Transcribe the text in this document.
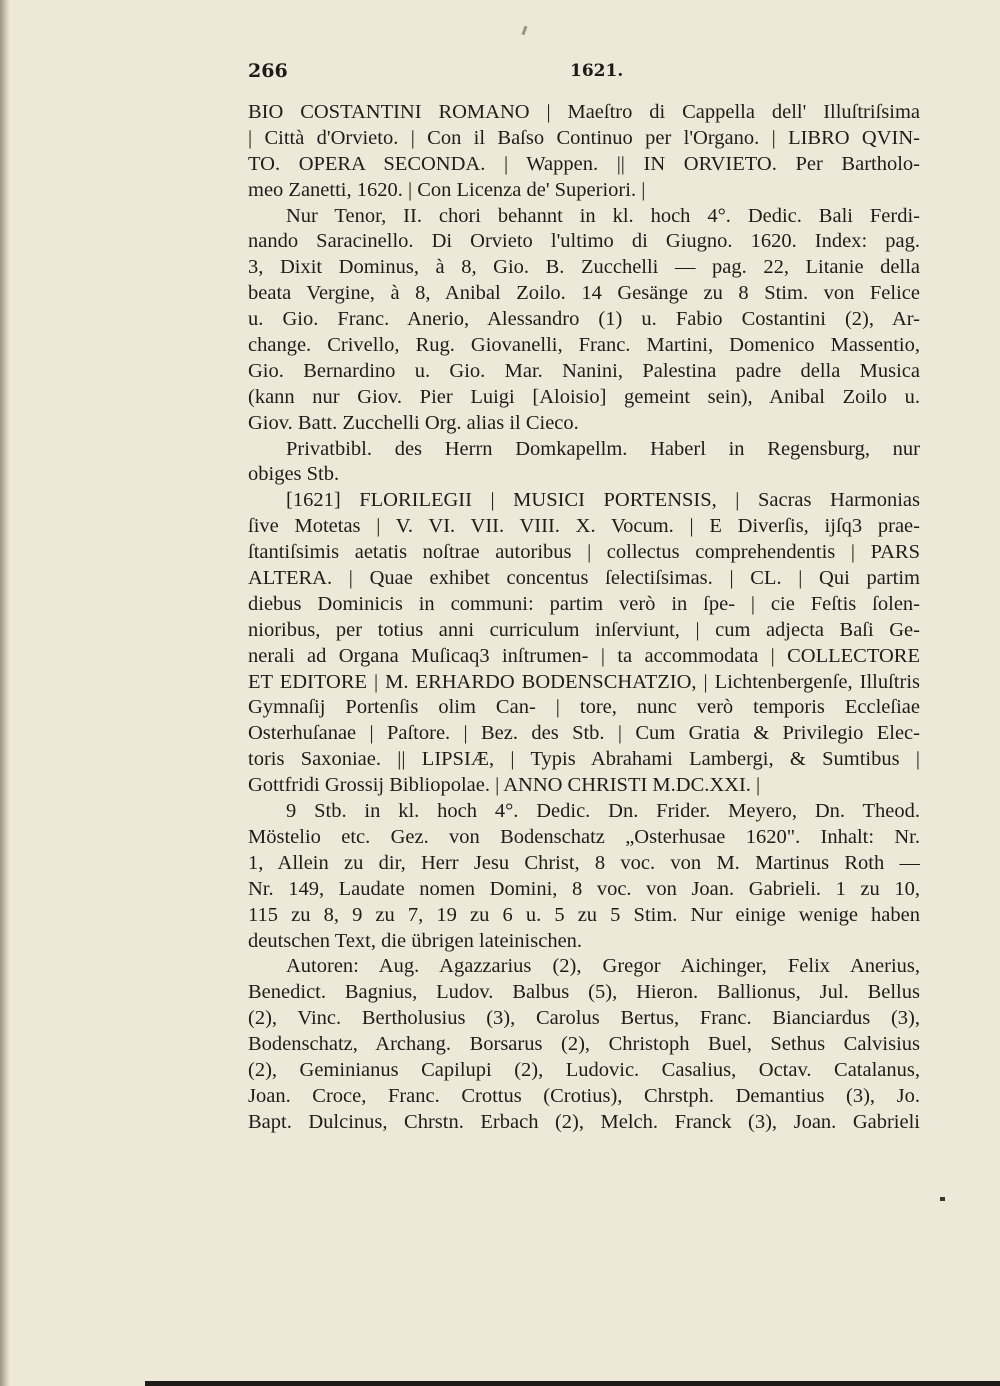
266	1621.
BIO COSTANTINI ROMANO | Maeſtro di Cappella dell' Illuſtriſsima
| Città d'Orvieto. | Con il Baſso Continuo per l'Organo. | LIBRO QVIN-
TO. OPERA SECONDA. | Wappen. || IN ORVIETO. Per Bartholo-
meo Zanetti, 1620. | Con Licenza de' Superiori. |
Nur Tenor, II. chori behannt in kl. hoch 4°. Dedic. Bali Ferdi-
nando Saracinello. Di Orvieto l'ultimo di Giugno. 1620. Index: pag.
3, Dixit Dominus, à 8, Gio. B. Zucchelli — pag. 22, Litanie della
beata Vergine, à 8, Anibal Zoilo. 14 Gesänge zu 8 Stim. von Felice
u. Gio. Franc. Anerio, Alessandro (1) u. Fabio Costantini (2), Ar-
change. Crivello, Rug. Giovanelli, Franc. Martini, Domenico Massentio,
Gio. Bernardino u. Gio. Mar. Nanini, Palestina padre della Musica
(kann nur Giov. Pier Luigi [Aloisio] gemeint sein), Anibal Zoilo u.
Giov. Batt. Zucchelli Org. alias il Cieco.
Privatbibl. des Herrn Domkapellm. Haberl in Regensburg, nur
obiges Stb.
[1621] FLORILEGII | MUSICI PORTENSIS, | Sacras Harmonias
ſive Motetas | V. VI. VII. VIII. X. Vocum. | E Diverſis, ijſq3 prae-
ſtantiſsimis aetatis noſtrae autoribus | collectus comprehendentis | PARS
ALTERA. | Quae exhibet concentus ſelectiſsimas. | CL. | Qui partim
diebus Dominicis in communi: partim verò in ſpe- | cie Feſtis ſolen-
nioribus, per totius anni curriculum inſerviunt, | cum adjecta Baſi Ge-
nerali ad Organa Muſicaq3 inſtrumen- | ta accommodata | COLLECTORE
ET EDITORE | M. ERHARDO BODENSCHATZIO, | Lichtenbergenſe, Illuſtris
Gymnaſij Portenſis olim Can- | tore, nunc verò temporis Eccleſiae
Osterhuſanae | Paſtore. | Bez. des Stb. | Cum Gratia & Privilegio Elec-
toris Saxoniae. || LIPSIÆ, | Typis Abrahami Lambergi, & Sumtibus |
Gottfridi Grossij Bibliopolae. | ANNO CHRISTI M.DC.XXI. |
9 Stb. in kl. hoch 4°. Dedic. Dn. Frider. Meyero, Dn. Theod.
Möstelio etc. Gez. von Bodenschatz „Osterhusae 1620". Inhalt: Nr.
1, Allein zu dir, Herr Jesu Christ, 8 voc. von M. Martinus Roth —
Nr. 149, Laudate nomen Domini, 8 voc. von Joan. Gabrieli. 1 zu 10,
115 zu 8, 9 zu 7, 19 zu 6 u. 5 zu 5 Stim. Nur einige wenige haben
deutschen Text, die übrigen lateinischen.
Autoren: Aug. Agazzarius (2), Gregor Aichinger, Felix Anerius,
Benedict. Bagnius, Ludov. Balbus (5), Hieron. Ballionus, Jul. Bellus
(2), Vinc. Bertholusius (3), Carolus Bertus, Franc. Bianciardus (3),
Bodenschatz, Archang. Borsarus (2), Christoph Buel, Sethus Calvisius
(2), Geminianus Capilupi (2), Ludovic. Casalius, Octav. Catalanus,
Joan. Croce, Franc. Crottus (Crotius), Chrstph. Demantius (3), Jo.
Bapt. Dulcinus, Chrstn. Erbach (2), Melch. Franck (3), Joan. Gabrieli
